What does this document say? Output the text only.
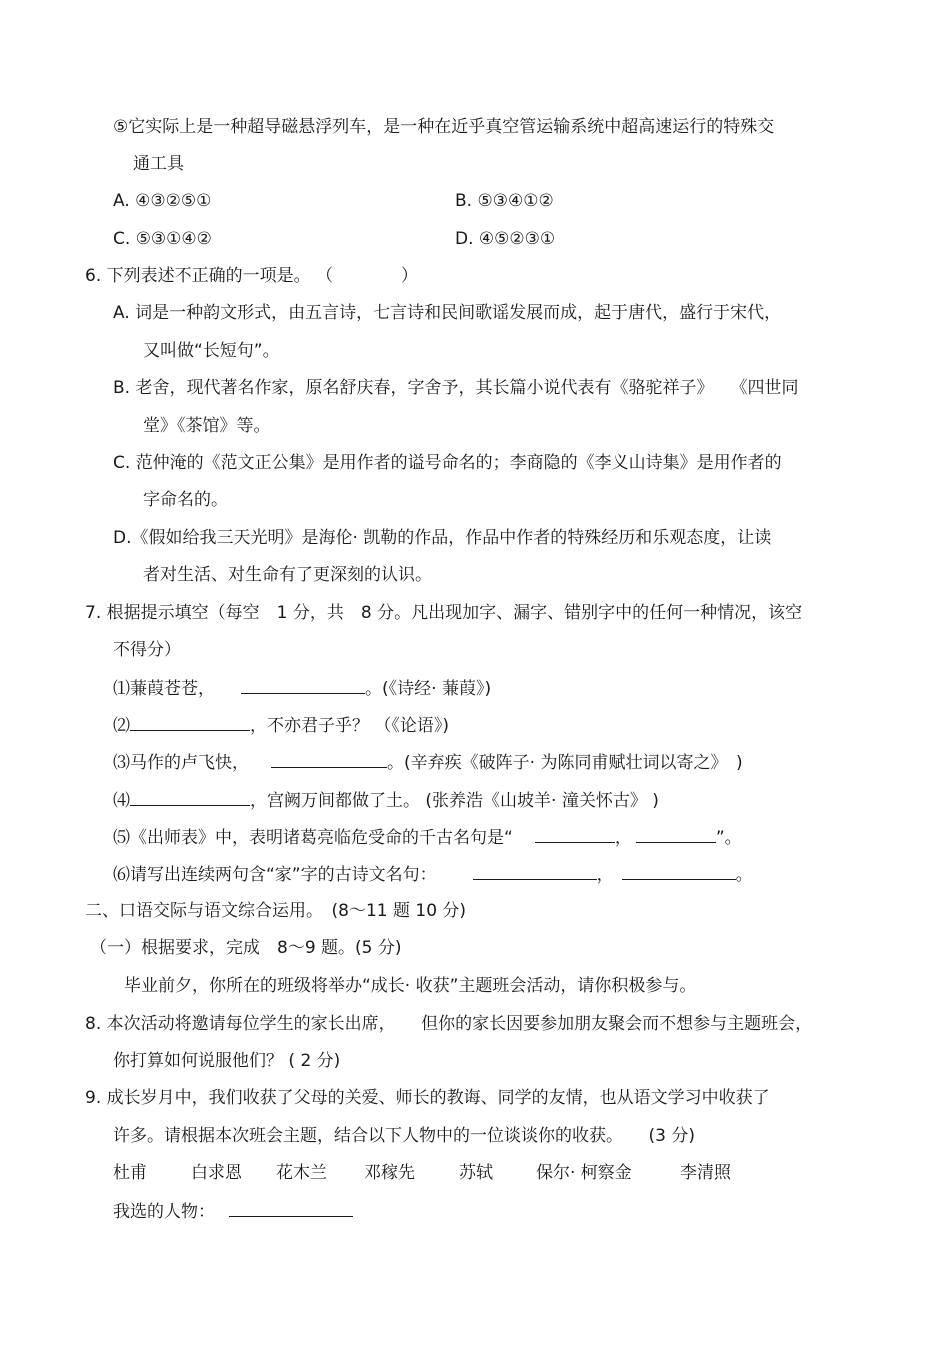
⑤它实际上是一种超导磁悬浮列车，是一种在近乎真空管运输系统中超高速运行的特殊交
通工具
A. ④③②⑤①	B. ⑤③④①②
C. ⑤③①④②	D. ④⑤②③①
6. 下列表述不正确的一项是。 （　　　　）
A. 词是一种韵文形式，由五言诗，七言诗和民间歌谣发展而成，起于唐代，盛行于宋代，
又叫做“长短句”。
B. 老舍，现代著名作家，原名舒庆春，字舍予，其长篇小说代表有《骆驼祥子》　　《四世同
堂》《茶馆》等。
C. 范仲淹的《范文正公集》是用作者的谥号命名的；李商隐的《李义山诗集》是用作者的
字命名的。
D.《假如给我三天光明》是海伦· 凯勒的作品，作品中作者的特殊经历和乐观态度，让读
者对生活、对生命有了更深刻的认识。
7. 根据提示填空（每空　1 分，共　8 分。凡出现加字、漏字、错别字中的任何一种情况，该空
不得分）
⑴蒹葭苍苍，	。(《诗经· 蒹葭》)
⑵	，不亦君子乎？ （《论语》)
⑶马作的卢飞快，	。(辛弃疾《破阵子· 为陈同甫赋壮词以寄之》　)
⑷	，宫阙万间都做了土。 (张养浩《山坡羊· 潼关怀古》 )
⑸《出师表》中，表明诸葛亮临危受命的千古名句是“	，	”。
⑹请写出连续两句含“家”字的古诗文名句：	，	。
二、口语交际与语文综合运用。　(8～11 题 10 分)
（一）根据要求，完成　8～9 题。(5 分)
毕业前夕，你所在的班级将举办“成长· 收获”主题班会活动，请你积极参与。
8. 本次活动将邀请每位学生的家长出席，　　但你的家长因要参加朋友聚会而不想参与主题班会，
你打算如何说服他们？ ( 2 分)
9. 成长岁月中，我们收获了父母的关爱、师长的教诲、同学的友情，也从语文学习中收获了
许多。请根据本次班会主题，结合以下人物中的一位谈谈你的收获。　　(3 分)
杜甫	白求恩 花木兰 邓稼先	苏轼	保尔· 柯察金	李清照
我选的人物：
